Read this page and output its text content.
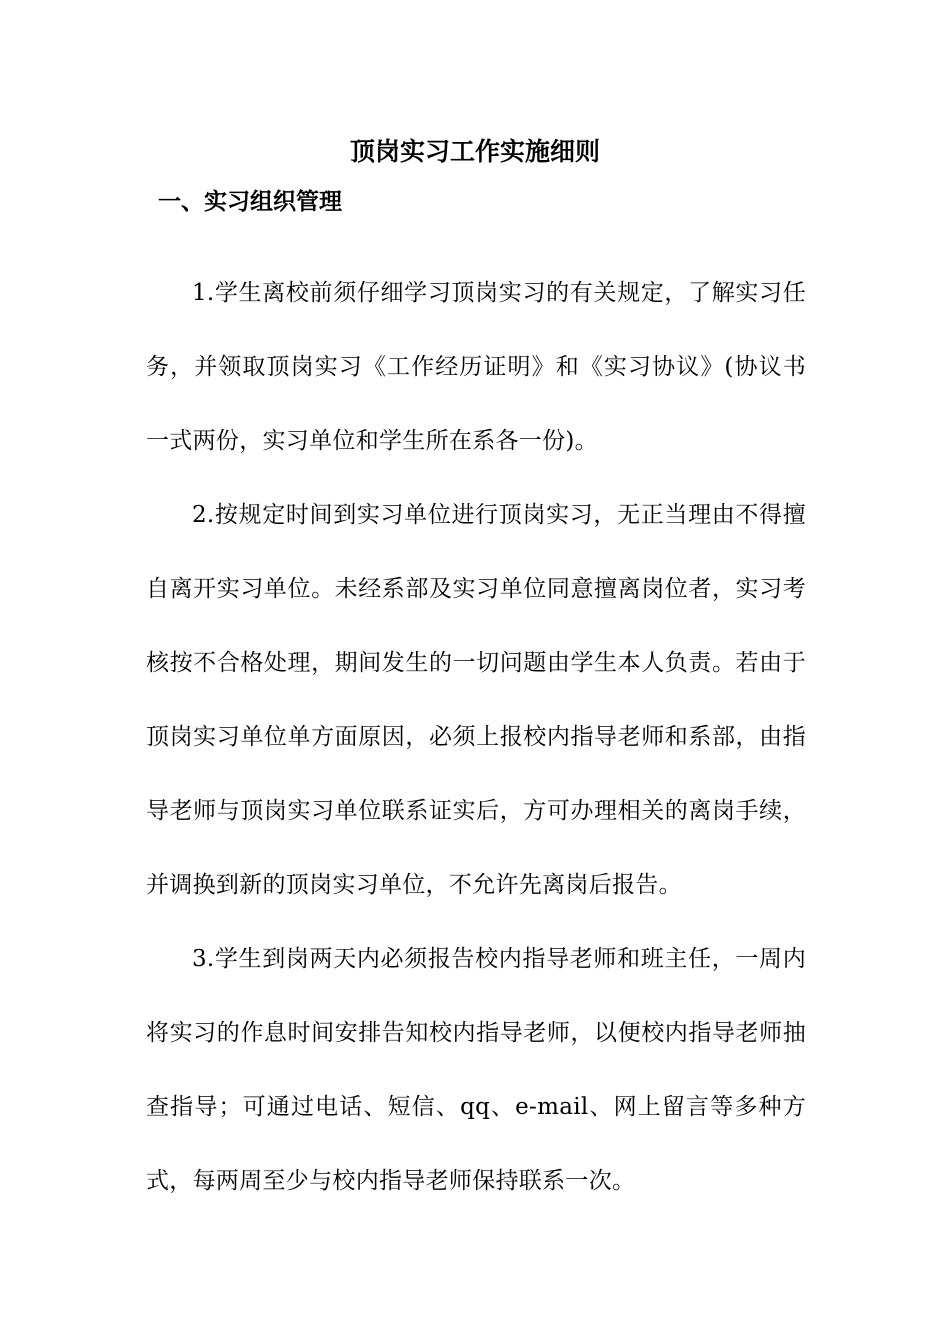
顶岗实习工作实施细则
一、实习组织管理

1.学生离校前须仔细学习顶岗实习的有关规定，了解实习任务，并领取顶岗实习《工作经历证明》和《实习协议》(协议书一式两份，实习单位和学生所在系各一份)。

2.按规定时间到实习单位进行顶岗实习，无正当理由不得擅自离开实习单位。未经系部及实习单位同意擅离岗位者，实习考核按不合格处理，期间发生的一切问题由学生本人负责。若由于顶岗实习单位单方面原因，必须上报校内指导老师和系部，由指导老师与顶岗实习单位联系证实后，方可办理相关的离岗手续，并调换到新的顶岗实习单位，不允许先离岗后报告。

3.学生到岗两天内必须报告校内指导老师和班主任，一周内将实习的作息时间安排告知校内指导老师，以便校内指导老师抽查指导；可通过电话、短信、qq、e-mail、网上留言等多种方式，每两周至少与校内指导老师保持联系一次。
